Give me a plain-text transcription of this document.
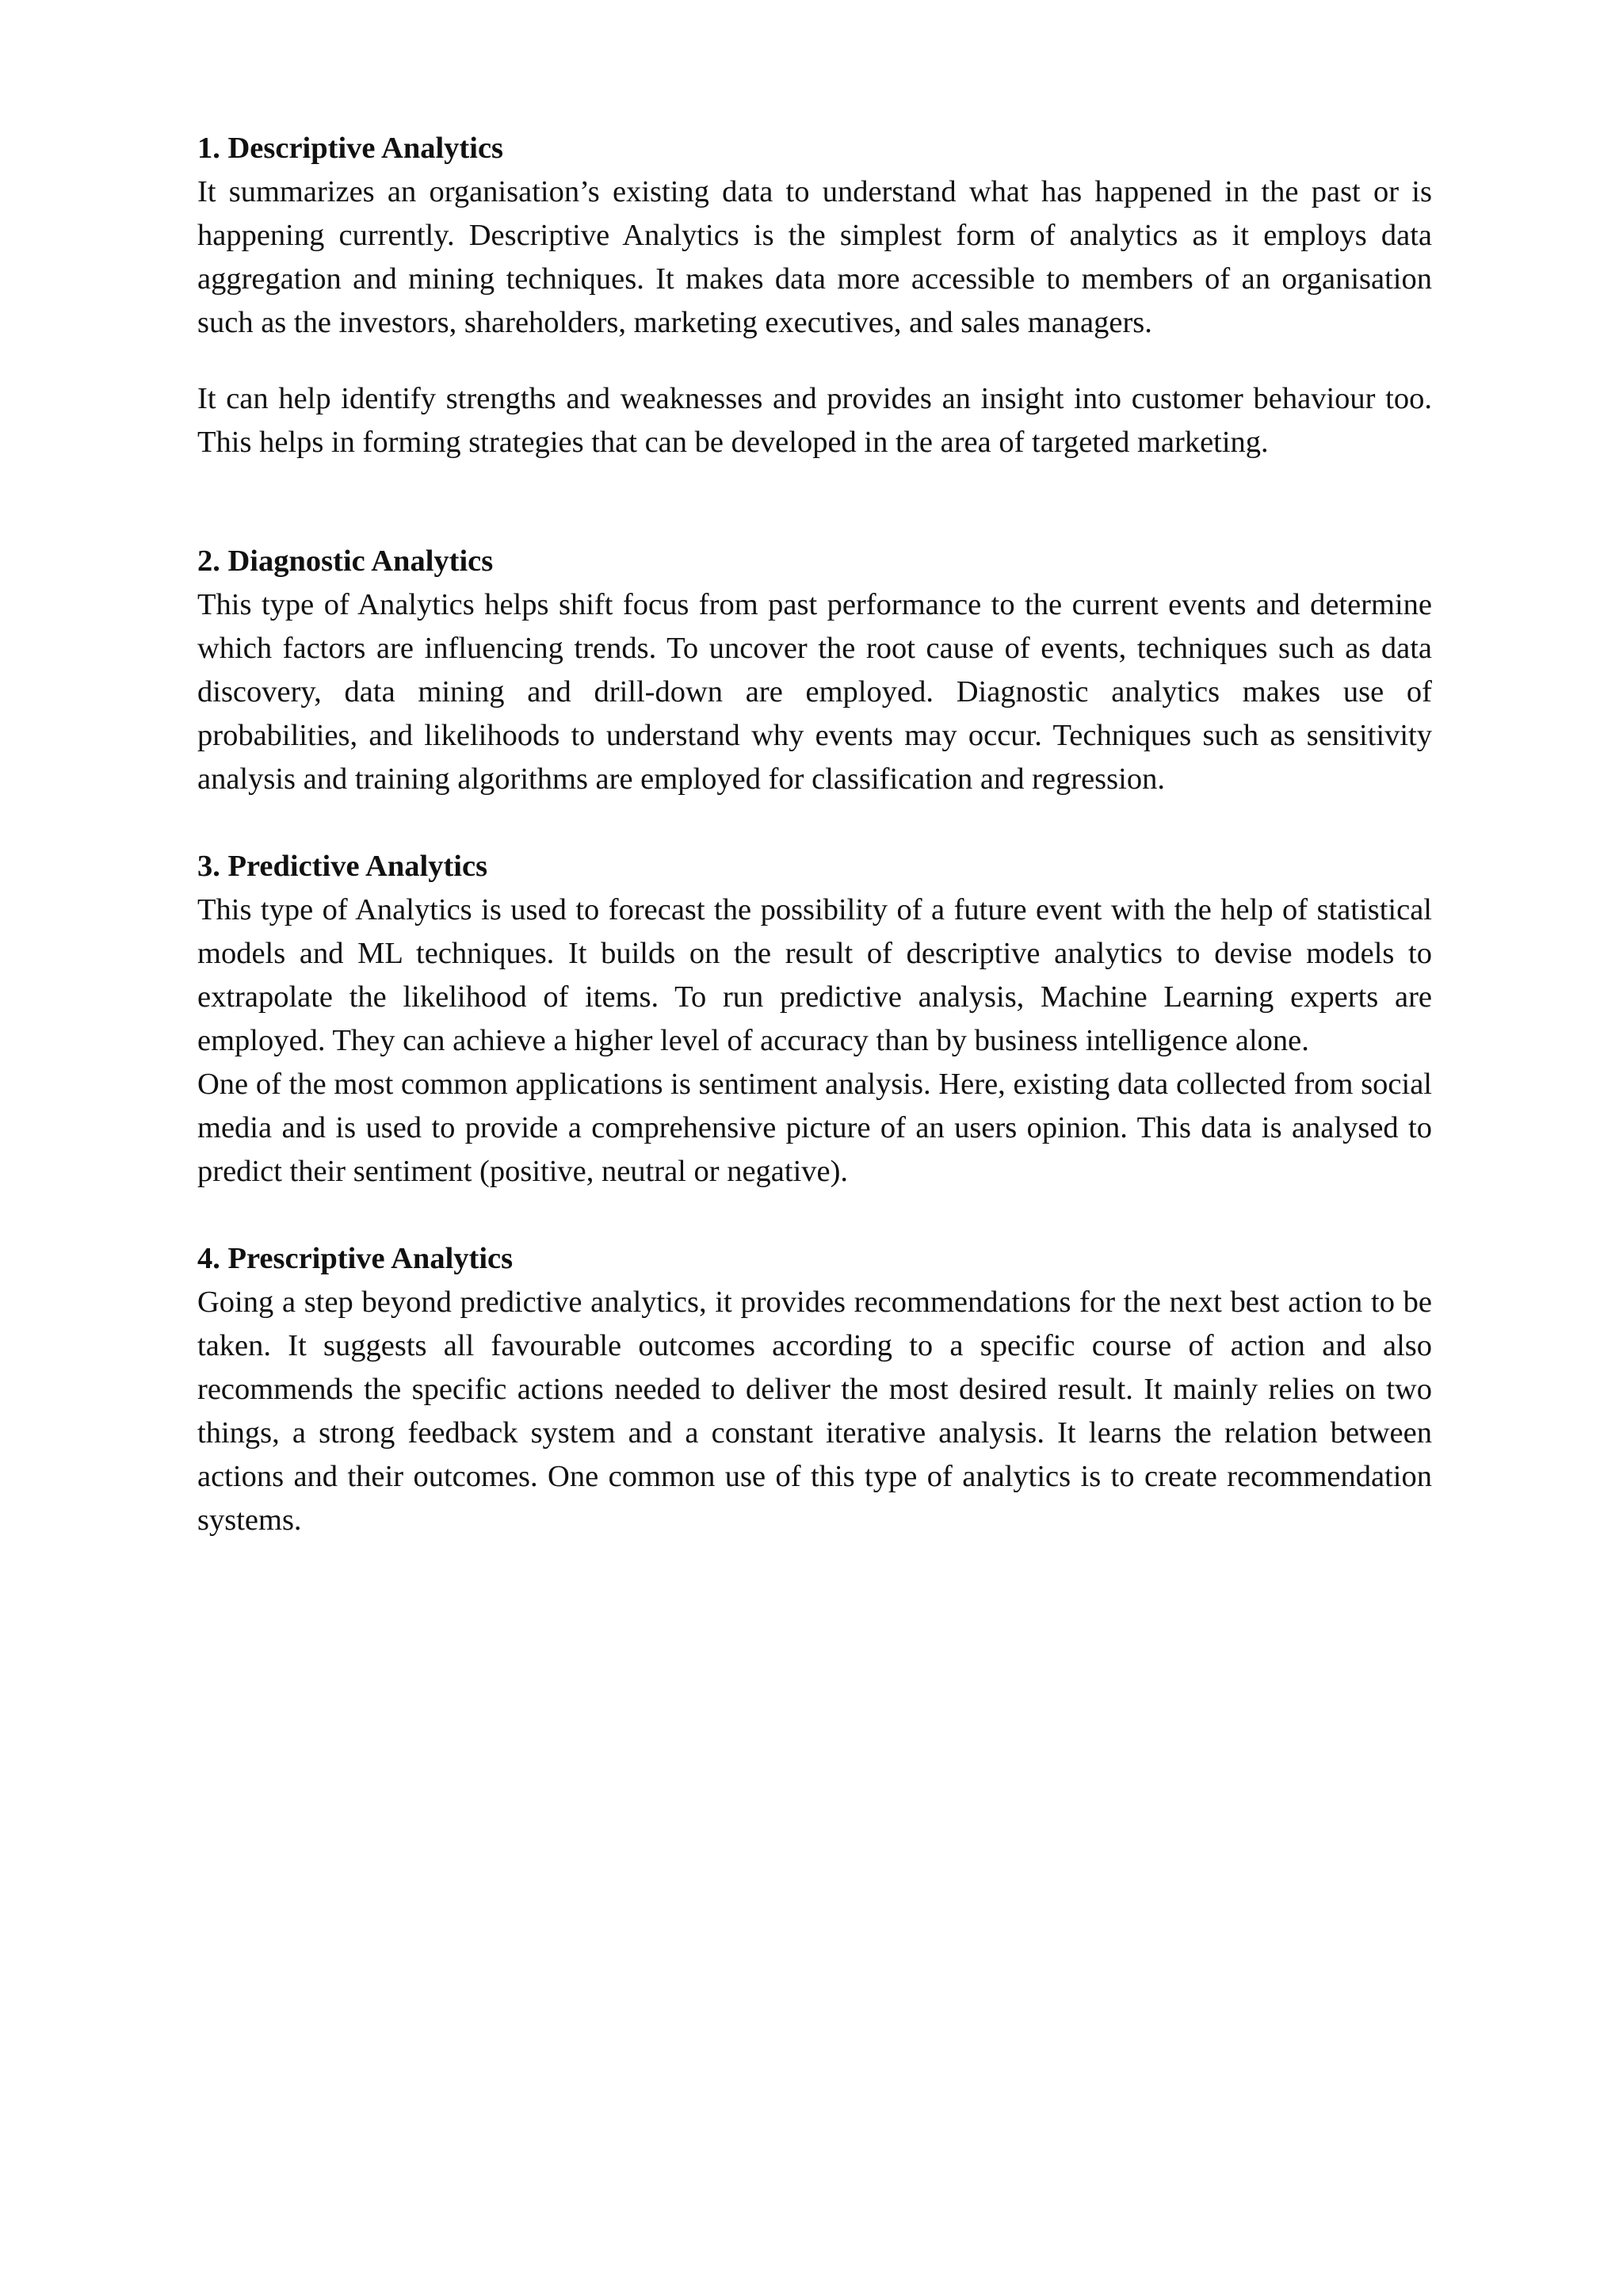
1. Descriptive Analytics

It summarizes an organisation’s existing data to understand what has happened in the past or is happening currently. Descriptive Analytics is the simplest form of analytics as it employs data aggregation and mining techniques. It makes data more accessible to members of an organisation such as the investors, shareholders, marketing executives, and sales managers.

It can help identify strengths and weaknesses and provides an insight into customer behaviour too. This helps in forming strategies that can be developed in the area of targeted marketing.

2. Diagnostic Analytics

This type of Analytics helps shift focus from past performance to the current events and determine which factors are influencing trends. To uncover the root cause of events, techniques such as data discovery, data mining and drill-down are employed. Diagnostic analytics makes use of probabilities, and likelihoods to understand why events may occur. Techniques such as sensitivity analysis and training algorithms are employed for classification and regression.

3. Predictive Analytics

This type of Analytics is used to forecast the possibility of a future event with the help of statistical models and ML techniques. It builds on the result of descriptive analytics to devise models to extrapolate the likelihood of items. To run predictive analysis, Machine Learning experts are employed. They can achieve a higher level of accuracy than by business intelligence alone.

One of the most common applications is sentiment analysis. Here, existing data collected from social media and is used to provide a comprehensive picture of an users opinion. This data is analysed to predict their sentiment (positive, neutral or negative).

4. Prescriptive Analytics

Going a step beyond predictive analytics, it provides recommendations for the next best action to be taken. It suggests all favourable outcomes according to a specific course of action and also recommends the specific actions needed to deliver the most desired result. It mainly relies on two things, a strong feedback system and a constant iterative analysis. It learns the relation between actions and their outcomes. One common use of this type of analytics is to create recommendation systems.
